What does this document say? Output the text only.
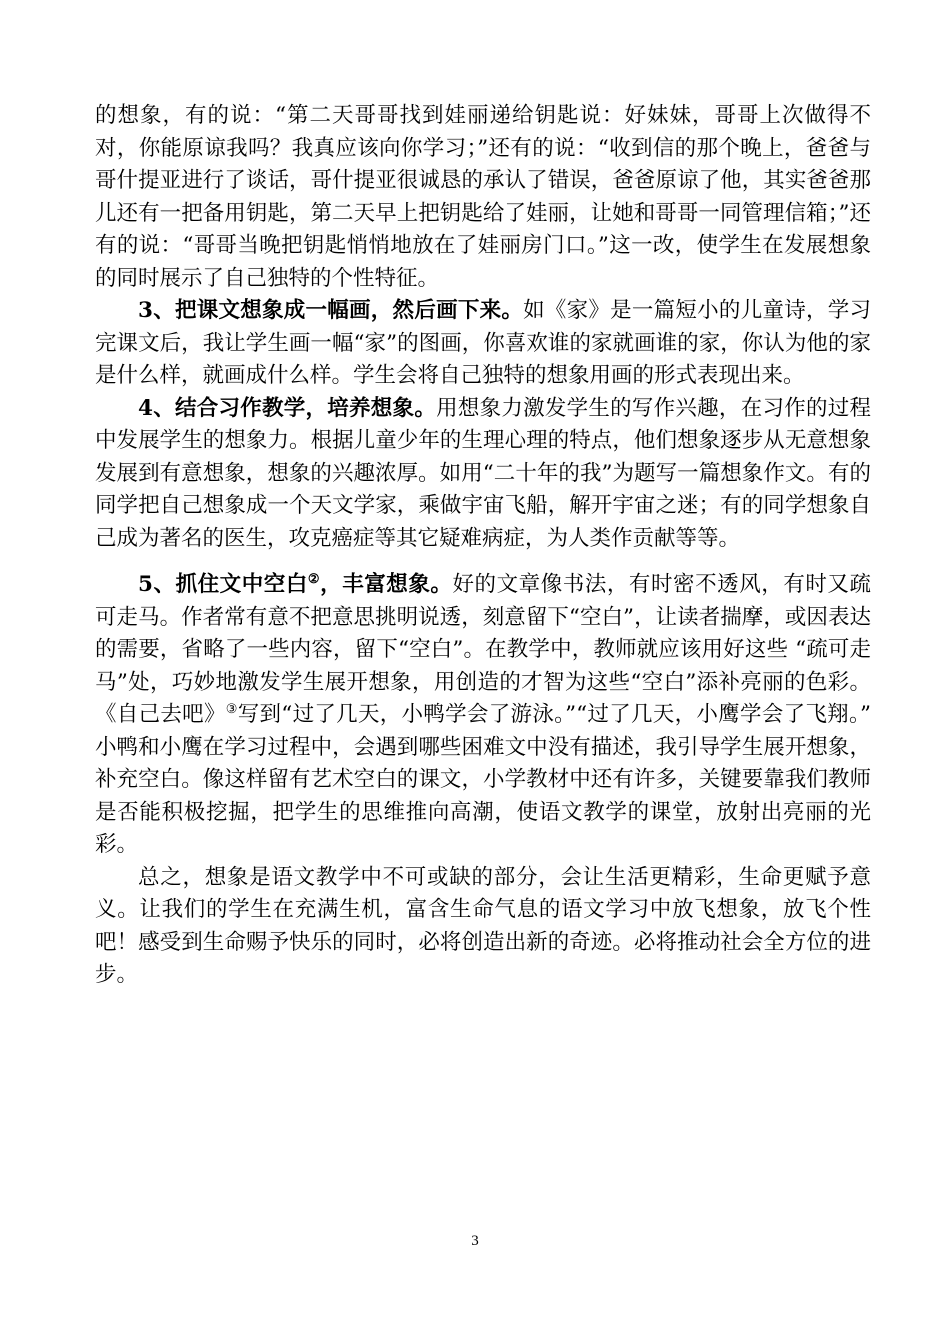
的想象，有的说：“第二天哥哥找到娃丽递给钥匙说：好妹妹，哥哥上次做得不对，你能原谅我吗？我真应该向你学习；”还有的说：“收到信的那个晚上，爸爸与哥什提亚进行了谈话，哥什提亚很诚恳的承认了错误，爸爸原谅了他，其实爸爸那儿还有一把备用钥匙，第二天早上把钥匙给了娃丽，让她和哥哥一同管理信箱；”还有的说：“哥哥当晚把钥匙悄悄地放在了娃丽房门口。”这一改，使学生在发展想象的同时展示了自己独特的个性特征。

3、把课文想象成一幅画，然后画下来。如《家》是一篇短小的儿童诗，学习完课文后，我让学生画一幅“家”的图画，你喜欢谁的家就画谁的家，你认为他的家是什么样，就画成什么样。学生会将自己独特的想象用画的形式表现出来。

4、结合习作教学，培养想象。用想象力激发学生的写作兴趣，在习作的过程中发展学生的想象力。根据儿童少年的生理心理的特点，他们想象逐步从无意想象发展到有意想象，想象的兴趣浓厚。如用“二十年的我”为题写一篇想象作文。有的同学把自己想象成一个天文学家，乘做宇宙飞船，解开宇宙之迷；有的同学想象自己成为著名的医生，攻克癌症等其它疑难病症，为人类作贡献等等。

5、抓住文中空白②，丰富想象。好的文章像书法，有时密不透风，有时又疏可走马。作者常有意不把意思挑明说透，刻意留下“空白”，让读者揣摩，或因表达的需要，省略了一些内容，留下“空白”。在教学中，教师就应该用好这些 “疏可走马”处，巧妙地激发学生展开想象，用创造的才智为这些“空白”添补亮丽的色彩。《自己去吧》③写到“过了几天，小鸭学会了游泳。”“过了几天，小鹰学会了飞翔。” 小鸭和小鹰在学习过程中，会遇到哪些困难文中没有描述，我引导学生展开想象，补充空白。像这样留有艺术空白的课文，小学教材中还有许多，关键要靠我们教师是否能积极挖掘，把学生的思维推向高潮，使语文教学的课堂，放射出亮丽的光彩。

总之，想象是语文教学中不可或缺的部分，会让生活更精彩，生命更赋予意义。让我们的学生在充满生机，富含生命气息的语文学习中放飞想象，放飞个性吧！感受到生命赐予快乐的同时，必将创造出新的奇迹。必将推动社会全方位的进步。

3
